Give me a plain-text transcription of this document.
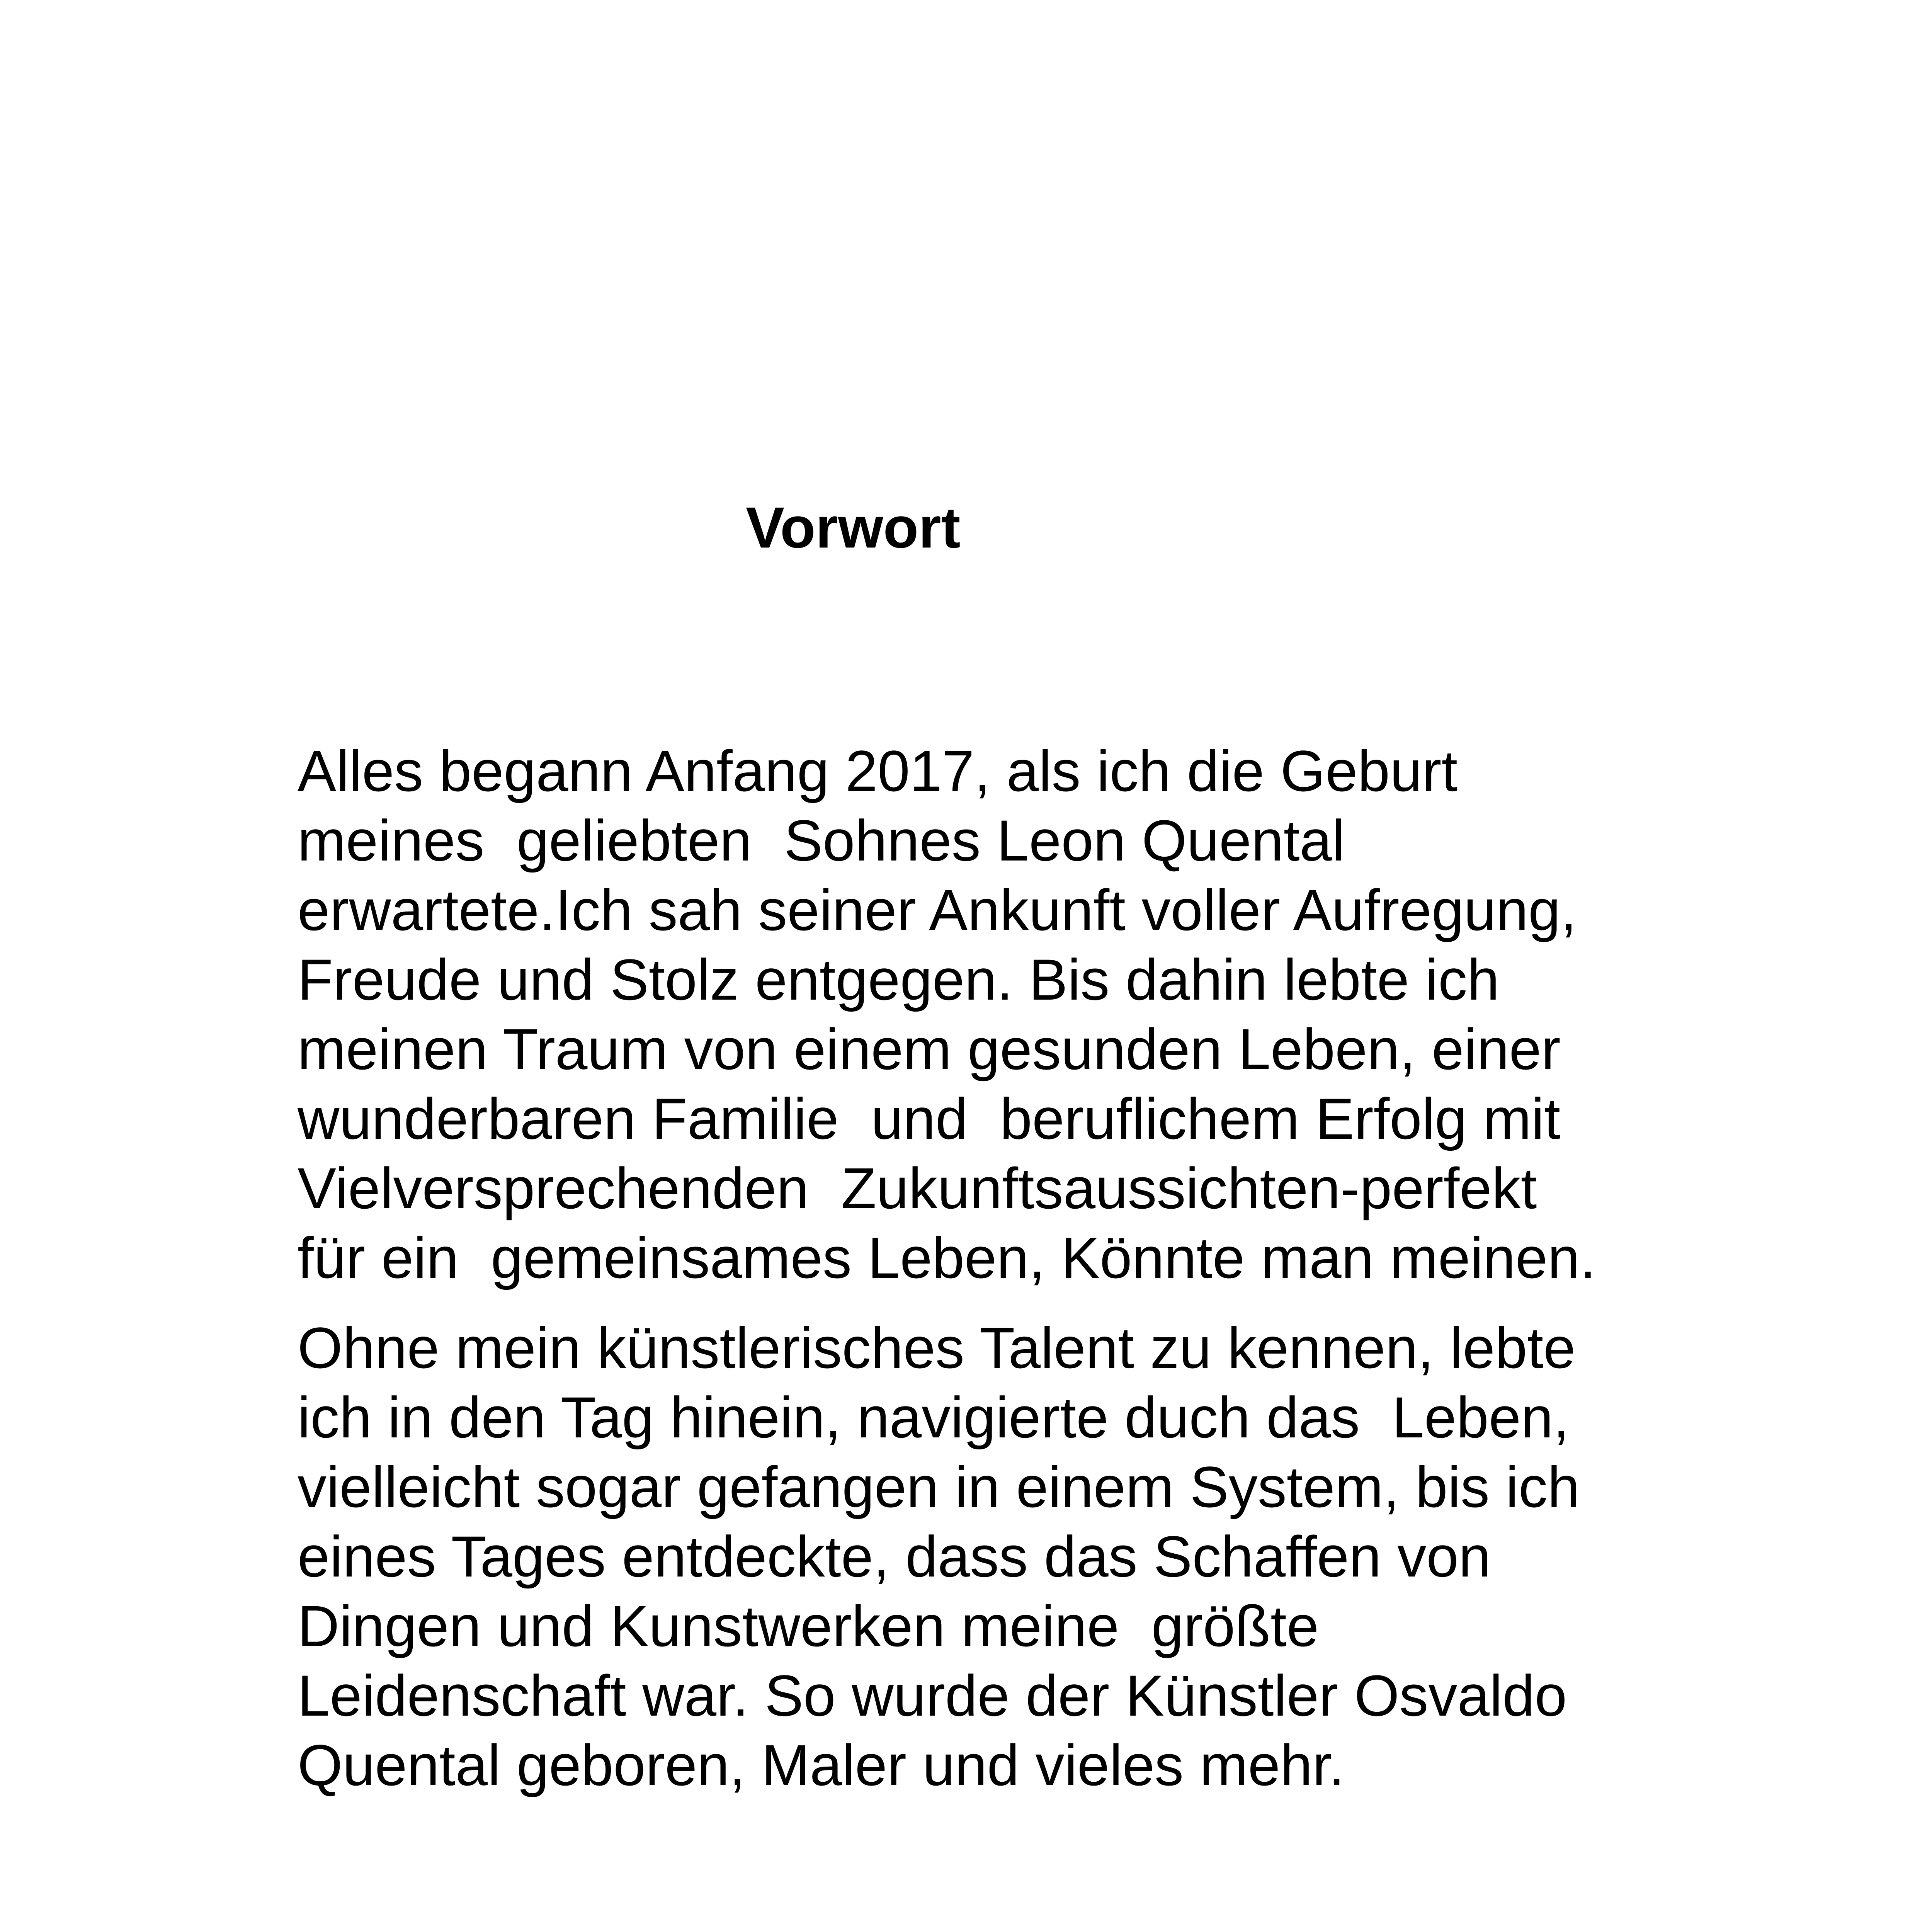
Vorwort

Alles begann Anfang 2017, als ich die Geburt
meines  geliebten  Sohnes Leon Quental
erwartete.Ich sah seiner Ankunft voller Aufregung,
Freude und Stolz entgegen. Bis dahin lebte ich
meinen Traum von einem gesunden Leben, einer
wunderbaren Familie  und  beruflichem Erfolg mit
Vielversprechenden  Zukunftsaussichten-perfekt
für ein  gemeinsames Leben, Könnte man meinen.

Ohne mein künstlerisches Talent zu kennen, lebte
ich in den Tag hinein, navigierte duch das  Leben,
vielleicht sogar gefangen in einem System, bis ich
eines Tages entdeckte, dass das Schaffen von
Dingen und Kunstwerken meine  größte
Leidenschaft war. So wurde der Künstler Osvaldo
Quental geboren, Maler und vieles mehr.
